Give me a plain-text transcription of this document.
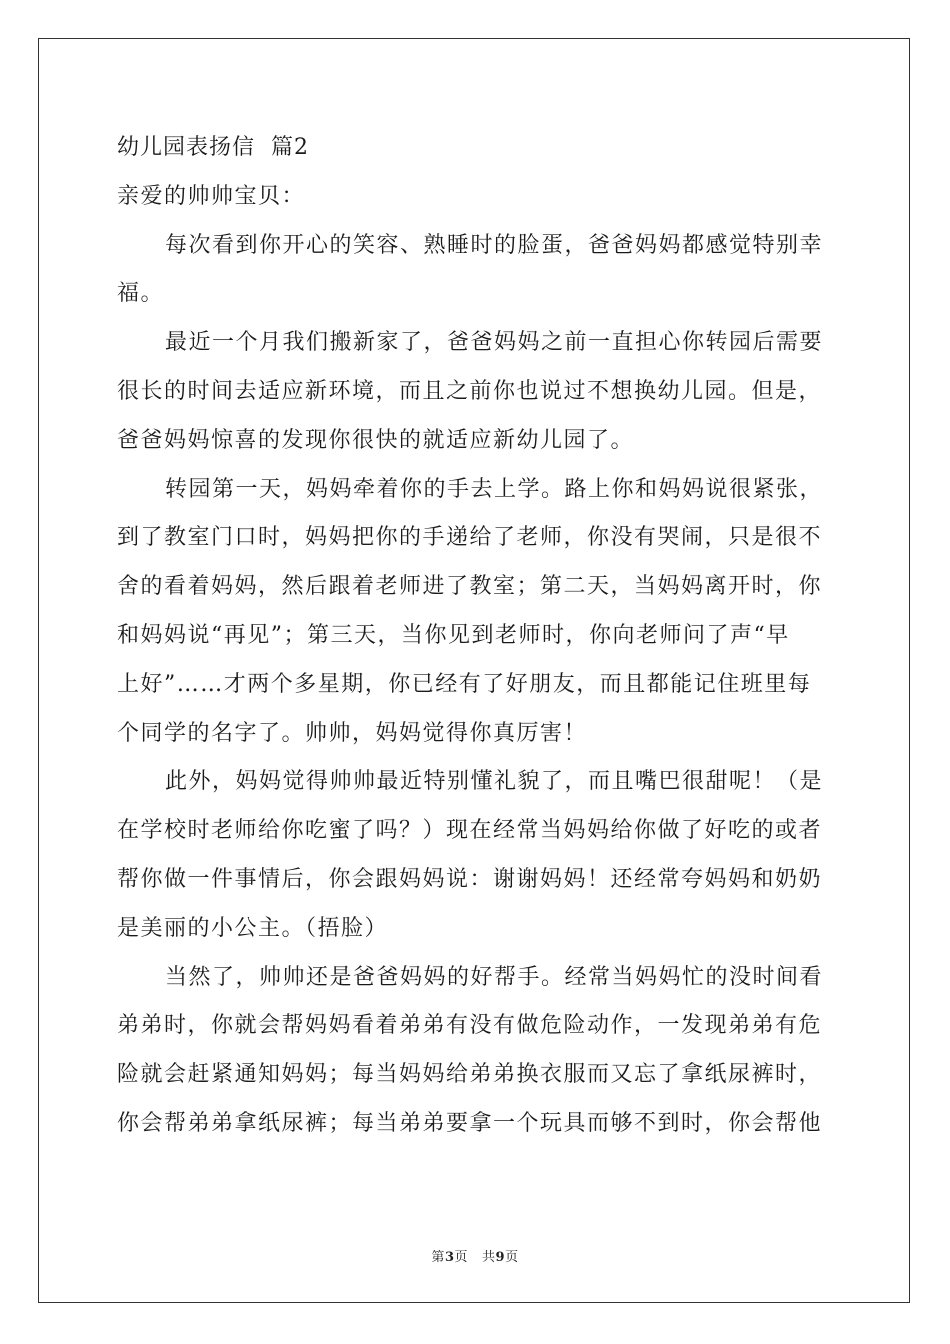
幼儿园表扬信  篇2
亲爱的帅帅宝贝：
每次看到你开心的笑容、熟睡时的脸蛋，爸爸妈妈都感觉特别幸
福。
最近一个月我们搬新家了，爸爸妈妈之前一直担心你转园后需要
很长的时间去适应新环境，而且之前你也说过不想换幼儿园。但是，
爸爸妈妈惊喜的发现你很快的就适应新幼儿园了。
转园第一天，妈妈牵着你的手去上学。路上你和妈妈说很紧张，
到了教室门口时，妈妈把你的手递给了老师，你没有哭闹，只是很不
舍的看着妈妈，然后跟着老师进了教室；第二天，当妈妈离开时，你
和妈妈说“再见”；第三天，当你见到老师时，你向老师问了声“早
上好”……才两个多星期，你已经有了好朋友，而且都能记住班里每
个同学的名字了。帅帅，妈妈觉得你真厉害！
此外，妈妈觉得帅帅最近特别懂礼貌了，而且嘴巴很甜呢！（是
在学校时老师给你吃蜜了吗？）现在经常当妈妈给你做了好吃的或者
帮你做一件事情后，你会跟妈妈说：谢谢妈妈！还经常夸妈妈和奶奶
是美丽的小公主。（捂脸）
当然了，帅帅还是爸爸妈妈的好帮手。经常当妈妈忙的没时间看
弟弟时，你就会帮妈妈看着弟弟有没有做危险动作，一发现弟弟有危
险就会赶紧通知妈妈；每当妈妈给弟弟换衣服而又忘了拿纸尿裤时，
你会帮弟弟拿纸尿裤；每当弟弟要拿一个玩具而够不到时，你会帮他
第3页 共9页
